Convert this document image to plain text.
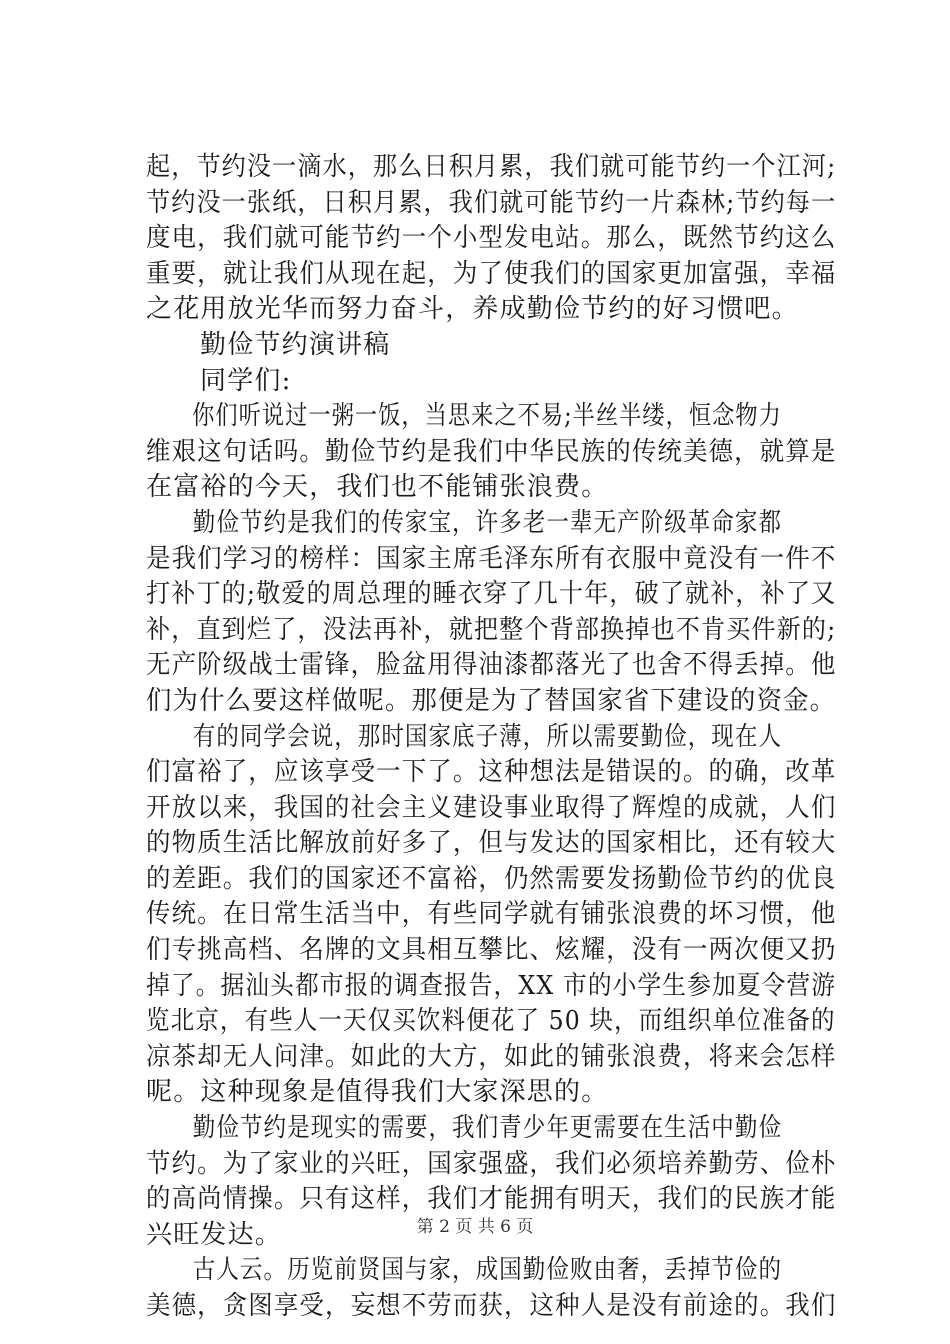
起，节约没一滴水，那么日积月累，我们就可能节约一个江河;
节约没一张纸，日积月累，我们就可能节约一片森林;节约每一
度电，我们就可能节约一个小型发电站。那么，既然节约这么
重要，就让我们从现在起，为了使我们的国家更加富强，幸福
之花用放光华而努力奋斗，养成勤俭节约的好习惯吧。
勤俭节约演讲稿
同学们:
你们听说过一粥一饭，当思来之不易;半丝半缕，恒念物力
维艰这句话吗。勤俭节约是我们中华民族的传统美德，就算是
在富裕的今天，我们也不能铺张浪费。
勤俭节约是我们的传家宝，许多老一辈无产阶级革命家都
是我们学习的榜样：国家主席毛泽东所有衣服中竟没有一件不
打补丁的;敬爱的周总理的睡衣穿了几十年，破了就补，补了又
补，直到烂了，没法再补，就把整个背部换掉也不肯买件新的;
无产阶级战士雷锋，脸盆用得油漆都落光了也舍不得丢掉。他
们为什么要这样做呢。那便是为了替国家省下建设的资金。
有的同学会说，那时国家底子薄，所以需要勤俭，现在人
们富裕了，应该享受一下了。这种想法是错误的。的确，改革
开放以来，我国的社会主义建设事业取得了辉煌的成就，人们
的物质生活比解放前好多了，但与发达的国家相比，还有较大
的差距。我们的国家还不富裕，仍然需要发扬勤俭节约的优良
传统。在日常生活当中，有些同学就有铺张浪费的坏习惯，他
们专挑高档、名牌的文具相互攀比、炫耀，没有一两次便又扔
掉了。据汕头都市报的调查报告，XX 市的小学生参加夏令营游
览北京，有些人一天仅买饮料便花了 50 块，而组织单位准备的
凉茶却无人问津。如此的大方，如此的铺张浪费，将来会怎样
呢。这种现象是值得我们大家深思的。
勤俭节约是现实的需要，我们青少年更需要在生活中勤俭
节约。为了家业的兴旺，国家强盛，我们必须培养勤劳、俭朴
的高尚情操。只有这样，我们才能拥有明天，我们的民族才能
兴旺发达。
古人云。历览前贤国与家，成国勤俭败由奢，丢掉节俭的
美德，贪图享受，妄想不劳而获，这种人是没有前途的。我们
第 2 页 共 6 页
